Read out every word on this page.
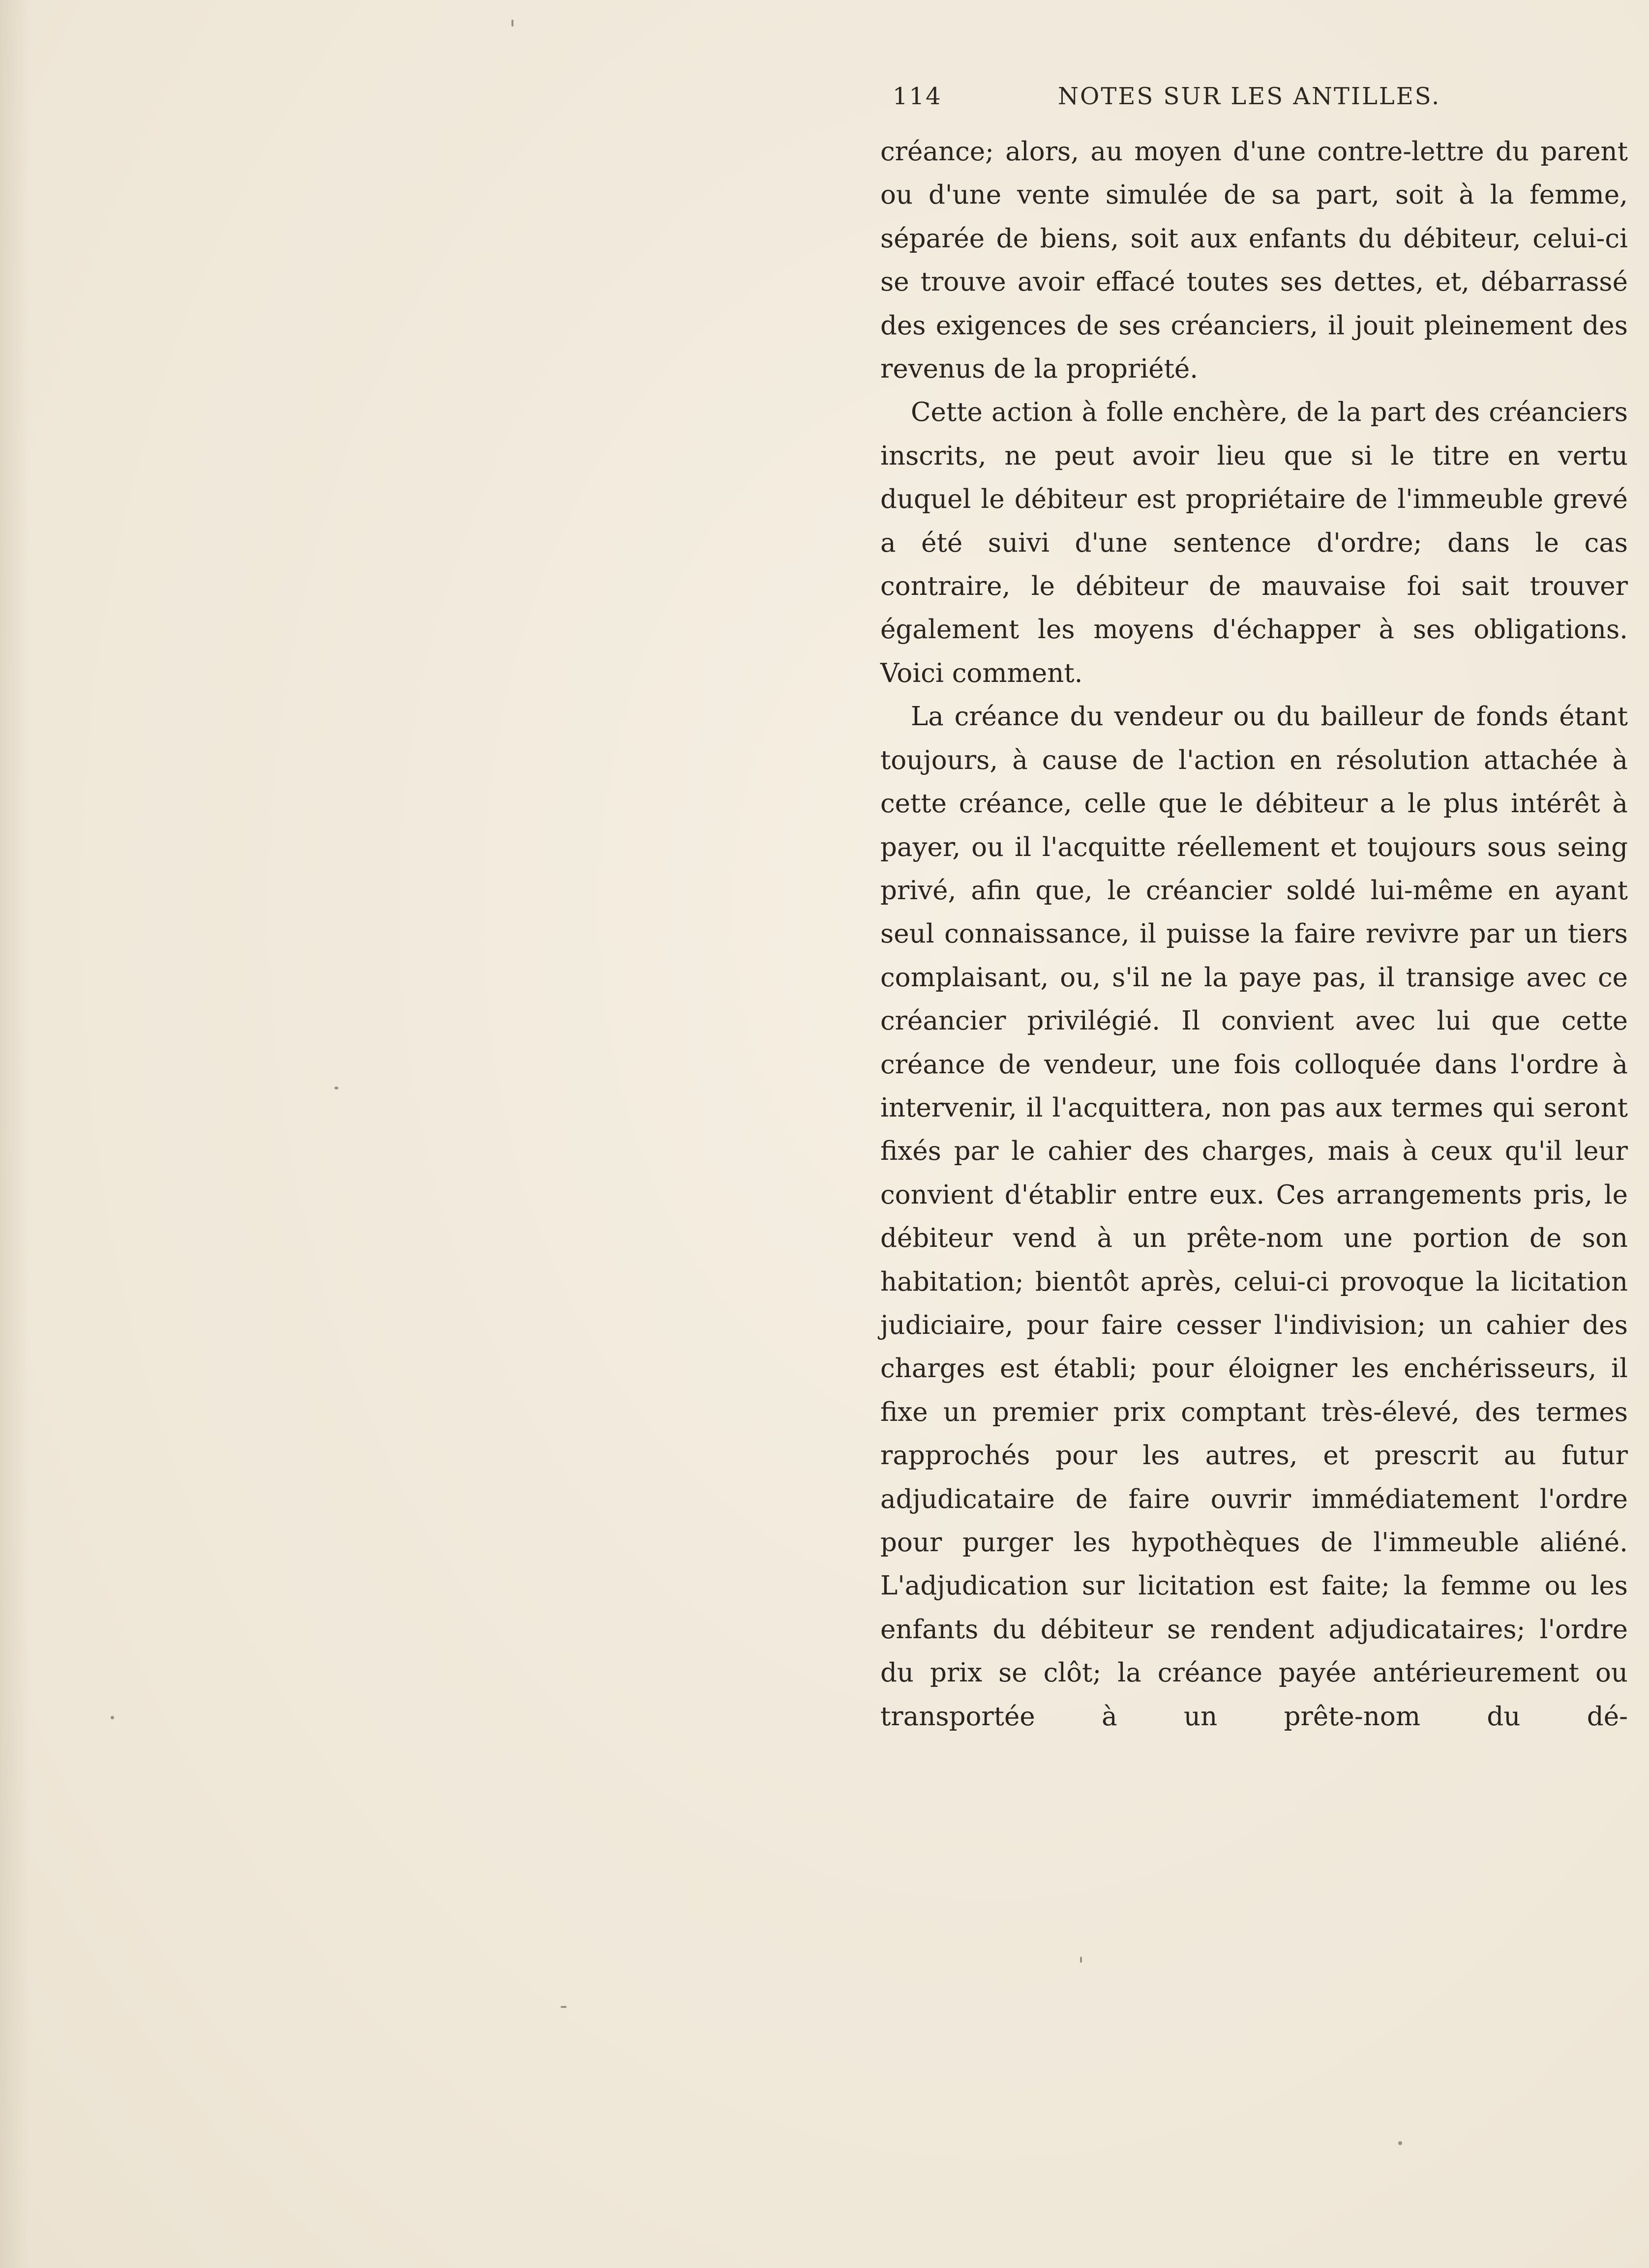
114	NOTES SUR LES ANTILLES.

créance; alors, au moyen d'une contre-lettre du parent ou d'une vente simulée de sa part, soit à la femme, séparée de biens, soit aux enfants du débiteur, celui-ci se trouve avoir effacé toutes ses dettes, et, débarrassé des exigences de ses créanciers, il jouit pleinement des revenus de la propriété.

Cette action à folle enchère, de la part des créanciers inscrits, ne peut avoir lieu que si le titre en vertu duquel le débiteur est propriétaire de l'immeuble grevé a été suivi d'une sentence d'ordre; dans le cas contraire, le débiteur de mauvaise foi sait trouver également les moyens d'échapper à ses obligations. Voici comment.

La créance du vendeur ou du bailleur de fonds étant toujours, à cause de l'action en résolution attachée à cette créance, celle que le débiteur a le plus intérêt à payer, ou il l'acquitte réellement et toujours sous seing privé, afin que, le créancier soldé lui-même en ayant seul connaissance, il puisse la faire revivre par un tiers complaisant, ou, s'il ne la paye pas, il transige avec ce créancier privilégié. Il convient avec lui que cette créance de vendeur, une fois colloquée dans l'ordre à intervenir, il l'acquittera, non pas aux termes qui seront fixés par le cahier des charges, mais à ceux qu'il leur convient d'établir entre eux. Ces arrangements pris, le débiteur vend à un prête-nom une portion de son habitation; bientôt après, celui-ci provoque la licitation judiciaire, pour faire cesser l'indivision; un cahier des charges est établi; pour éloigner les enchérisseurs, il fixe un premier prix comptant très-élevé, des termes rapprochés pour les autres, et prescrit au futur adjudicataire de faire ouvrir immédiatement l'ordre pour purger les hypothèques de l'immeuble aliéné. L'adjudication sur licitation est faite; la femme ou les enfants du débiteur se rendent adjudicataires; l'ordre du prix se clôt; la créance payée antérieurement ou transportée à un prête-nom du dé-
